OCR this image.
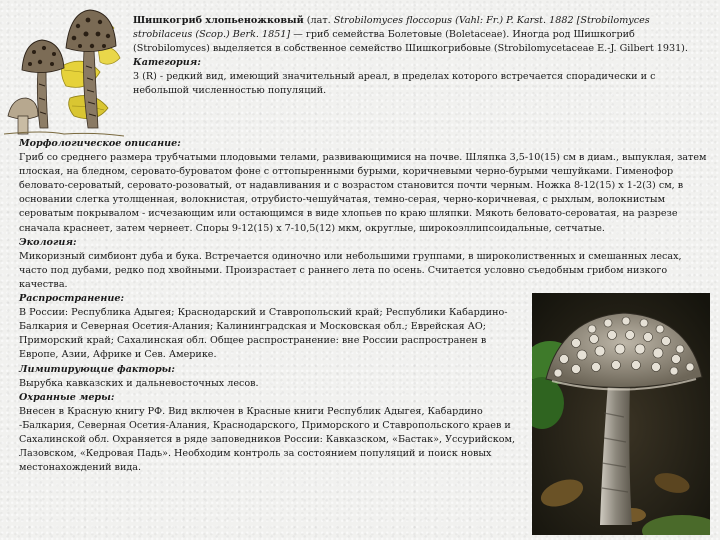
Шишкогриб хлопьеножковый (лат. Strobilomyces floccopus (Vahl: Fr.) P. Karst. 1882 [Strobilomyces strobilaceus (Scop.) Berk. 1851] — гриб семейства Болетовые (Boletaceae). Иногда род Шишкогриб (Strobilomyces) выделяется в собственное семейство Шишкогрибовые (Strobilomycetaceae E.-J. Gilbert 1931).
Категория:
3 (R) - редкий вид, имеющий значительный ареал, в пределах которого встречается спорадически и с небольшой численностью популяций.
Морфологическое описание:
Гриб со среднего размера трубчатыми плодовыми телами, развивающимися на почве. Шляпка 3,5-10(15) см в диам., выпуклая, затем плоская, на бледном, серовато-буроватом фоне с оттопыренными бурыми, коричневыми черно-бурыми чешуйками. Гименофор беловато-сероватый, серовато-розоватый, от надавливания и с возрастом становится почти черным. Ножка 8-12(15) х 1-2(3) см, в основании слегка утолщенная, волокнистая, отрубисто-чешуйчатая, темно-серая, черно-коричневая, с рыхлым, волокнистым сероватым покрывалом - исчезающим или остающимся в виде хлопьев по краю шляпки. Мякоть беловато-сероватая, на разрезе сначала краснеет, затем чернеет. Споры 9-12(15) х 7-10,5(12) мкм, округлые, широкоэллипсоидальные, сетчатые.
Экология:
Микоризный симбионт дуба и бука. Встречается одиночно или небольшими группами, в широколиственных и смешанных лесах, часто под дубами, редко под хвойными. Произрастает с раннего лета по осень. Считается условно съедобным грибом низкого качества.
Распространение:
В России: Республика Адыгея; Краснодарский и Ставропольский край; Республики Кабардино-Балкария и Северная Осетия-Алания; Калининградская и Московская обл.; Еврейская АО; Приморский край; Сахалинская обл. Общее распространение: вне России распространен в Европе, Азии, Африке и Сев. Америке.
Лимитирующие факторы:
Вырубка кавказских и дальневосточных лесов.
Охранные меры:
Внесен в Красную книгу РФ. Вид включен в Красные книги Республик Адыгея, Кабардино -Балкария, Северная Осетия-Алания, Краснодарского, Приморского и Ставропольского краев и Сахалинской обл. Охраняется в ряде заповедников России: Кавказском, «Бастак», Уссурийском, Лазовском, «Кедровая Падь». Необходим контроль за состоянием популяций и поиск новых местонахождений вида.
